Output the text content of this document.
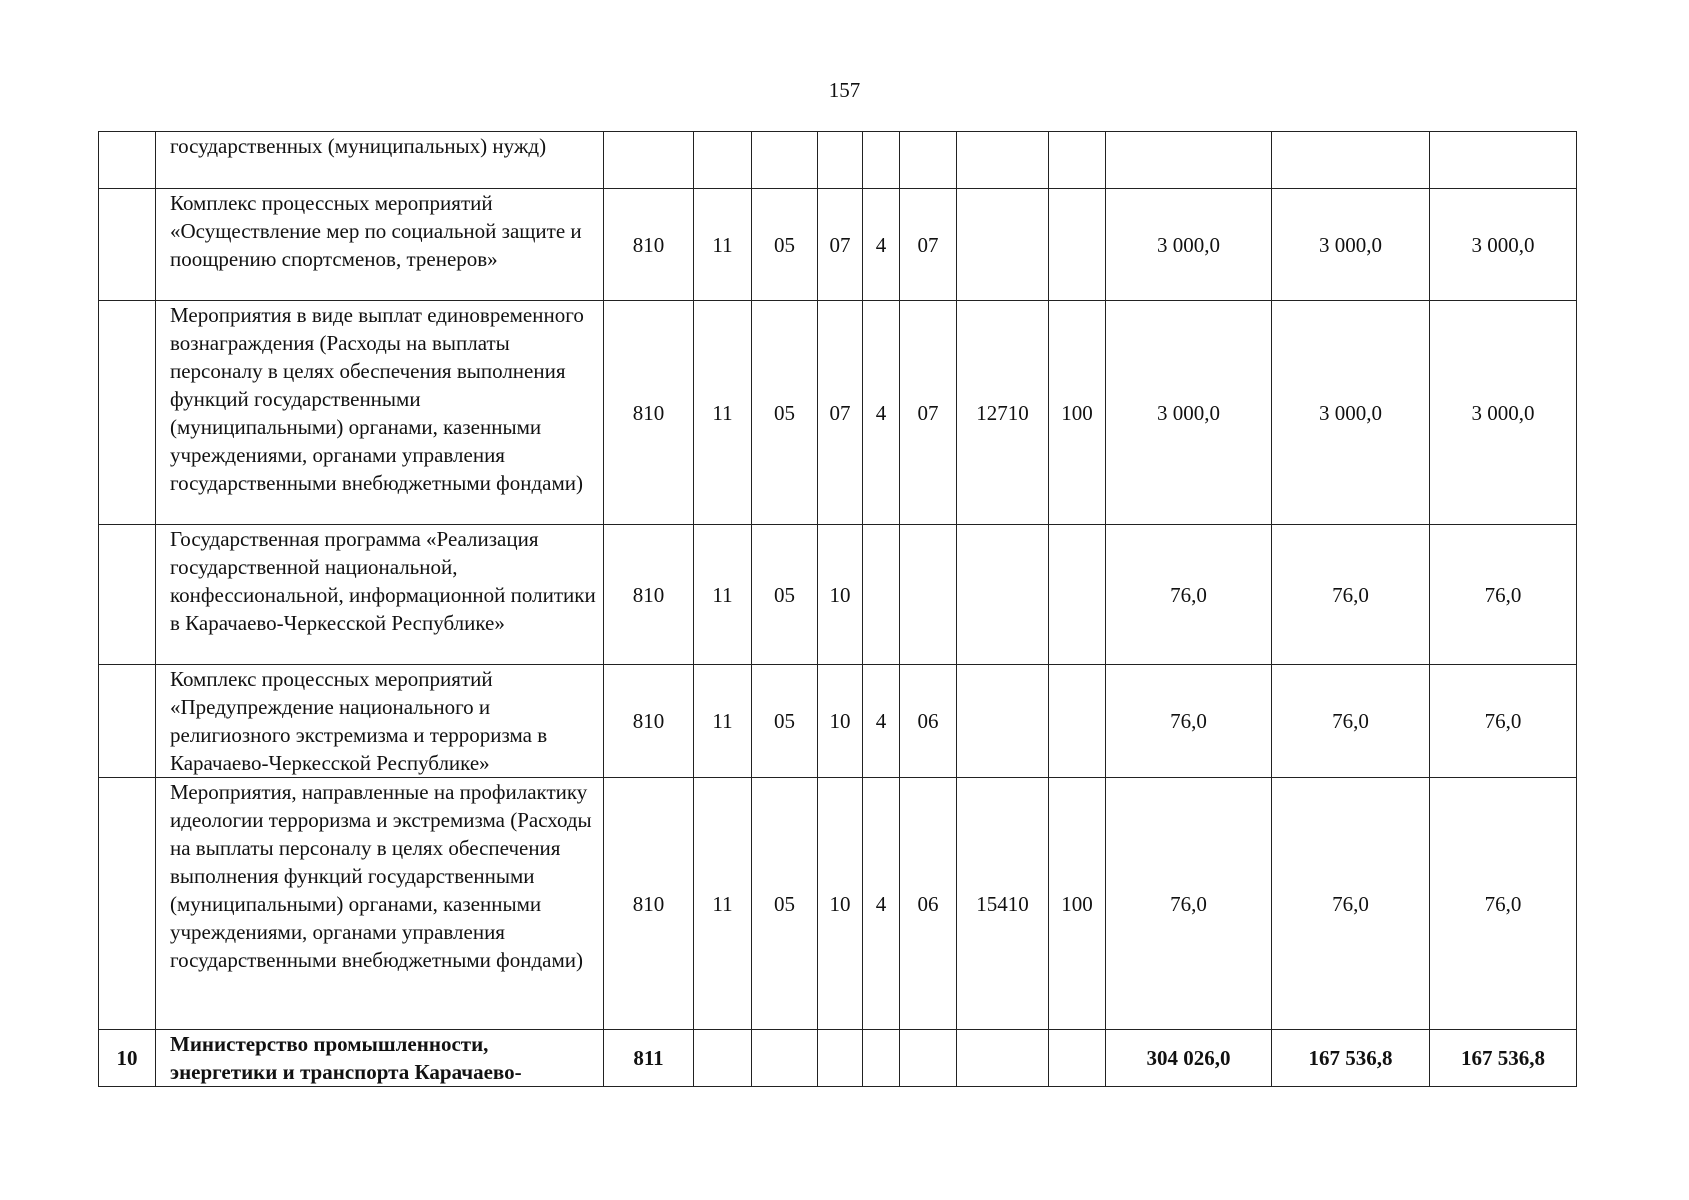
157
	государственных (муниципальных) нужд)											
	Комплекс процессных мероприятий «Осуществление мер по социальной защите и поощрению спортсменов, тренеров»	810	11	05	07	4	07			3 000,0	3 000,0	3 000,0
	Мероприятия в виде выплат единовременного вознаграждения (Расходы на выплаты персоналу в целях обеспечения выполнения функций государственными (муниципальными) органами, казенными учреждениями, органами управления государственными внебюджетными фондами)	810	11	05	07	4	07	12710	100	3 000,0	3 000,0	3 000,0
	Государственная программа «Реализация государственной национальной, конфессиональной, информационной политики в Карачаево-Черкесской Республике»	810	11	05	10					76,0	76,0	76,0
	Комплекс процессных мероприятий «Предупреждение национального и религиозного экстремизма и терроризма в Карачаево-Черкесской Республике»	810	11	05	10	4	06			76,0	76,0	76,0
	Мероприятия, направленные на профилактику идеологии терроризма и экстремизма (Расходы на выплаты персоналу в целях обеспечения выполнения функций государственными (муниципальными) органами, казенными учреждениями, органами управления государственными внебюджетными фондами)	810	11	05	10	4	06	15410	100	76,0	76,0	76,0
10	Министерство промышленности, энергетики и транспорта Карачаево-	811								304 026,0	167 536,8	167 536,8
